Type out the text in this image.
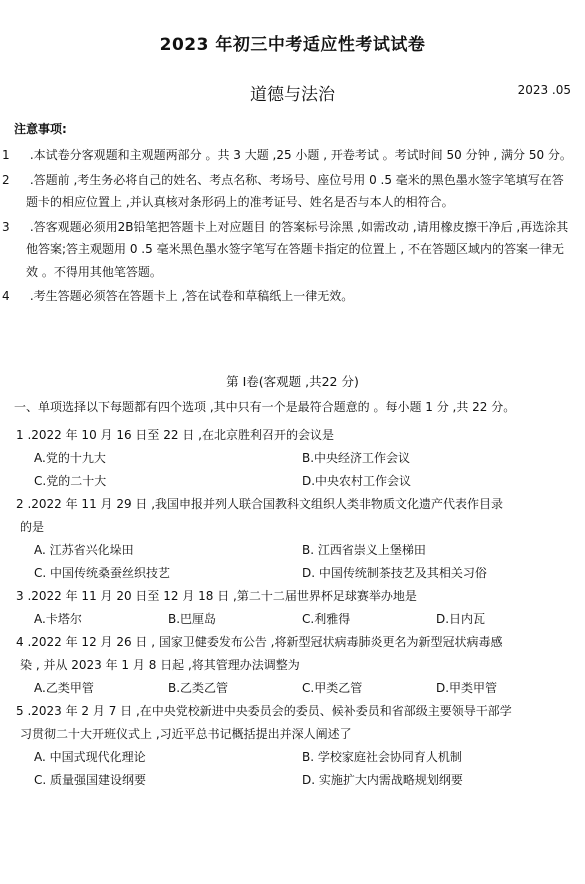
2023 年初三中考适应性考试试卷
道德与法治	2023 .05
注意事项:

1 .本试卷分客观题和主观题两部分 。共 3 大题 ,25 小题 , 开卷考试 。考试时间 50 分钟 , 满分 50 分。

2 .答题前 ,考生务必将自己的姓名、考点名称、考场号、座位号用 0 .5 毫米的黑色墨水签字笔填写在答题卡的相应位置上 ,并认真核对条形码上的准考证号、姓名是否与本人的相符合。

3 .答客观题必须用2B铅笔把答题卡上对应题目 的答案标号涂黑 ,如需改动 ,请用橡皮擦干净后 ,再选涂其他答案;答主观题用 0 .5 毫米黑色墨水签字笔写在答题卡指定的位置上 , 不在答题区域内的答案一律无效 。不得用其他笔答题。

4 .考生答题必须答在答题卡上 ,答在试卷和草稿纸上一律无效。

第 I卷(客观题 ,共22 分)
一、单项选择以下每题都有四个选项 ,其中只有一个是最符合题意的 。每小题 1 分 ,共 22 分。
1 .2022 年 10 月 16 日至 22 日 ,在北京胜利召开的会议是
A.党的十九大	B.中央经济工作会议
C.党的二十大	D.中央农村工作会议
2 .2022 年 11 月 29 日 ,我国申报并列人联合国教科文组织人类非物质文化遗产代表作目录
的是
A. 江苏省兴化垛田	B. 江西省崇义上堡梯田
C. 中国传统桑蚕丝织技艺	D. 中国传统制茶技艺及其相关习俗
3 .2022 年 11 月 20 日至 12 月 18 日 ,第二十二届世界杯足球赛举办地是
A.卡塔尔	B.巴厘岛	C.利雅得	D.日内瓦
4 .2022 年 12 月 26 日 , 国家卫健委发布公告 ,将新型冠状病毒肺炎更名为新型冠状病毒感
染 , 并从 2023 年 1 月 8 日起 ,将其管理办法调整为
A.乙类甲管	B.乙类乙管	C.甲类乙管	D.甲类甲管
5 .2023 年 2 月 7 日 ,在中央党校新进中央委员会的委员、候补委员和省部级主要领导干部学
习贯彻二十大开班仪式上 ,习近平总书记概括提出并深人阐述了
A. 中国式现代化理论	B. 学校家庭社会协同育人机制
C. 质量强国建设纲要	D. 实施扩大内需战略规划纲要
